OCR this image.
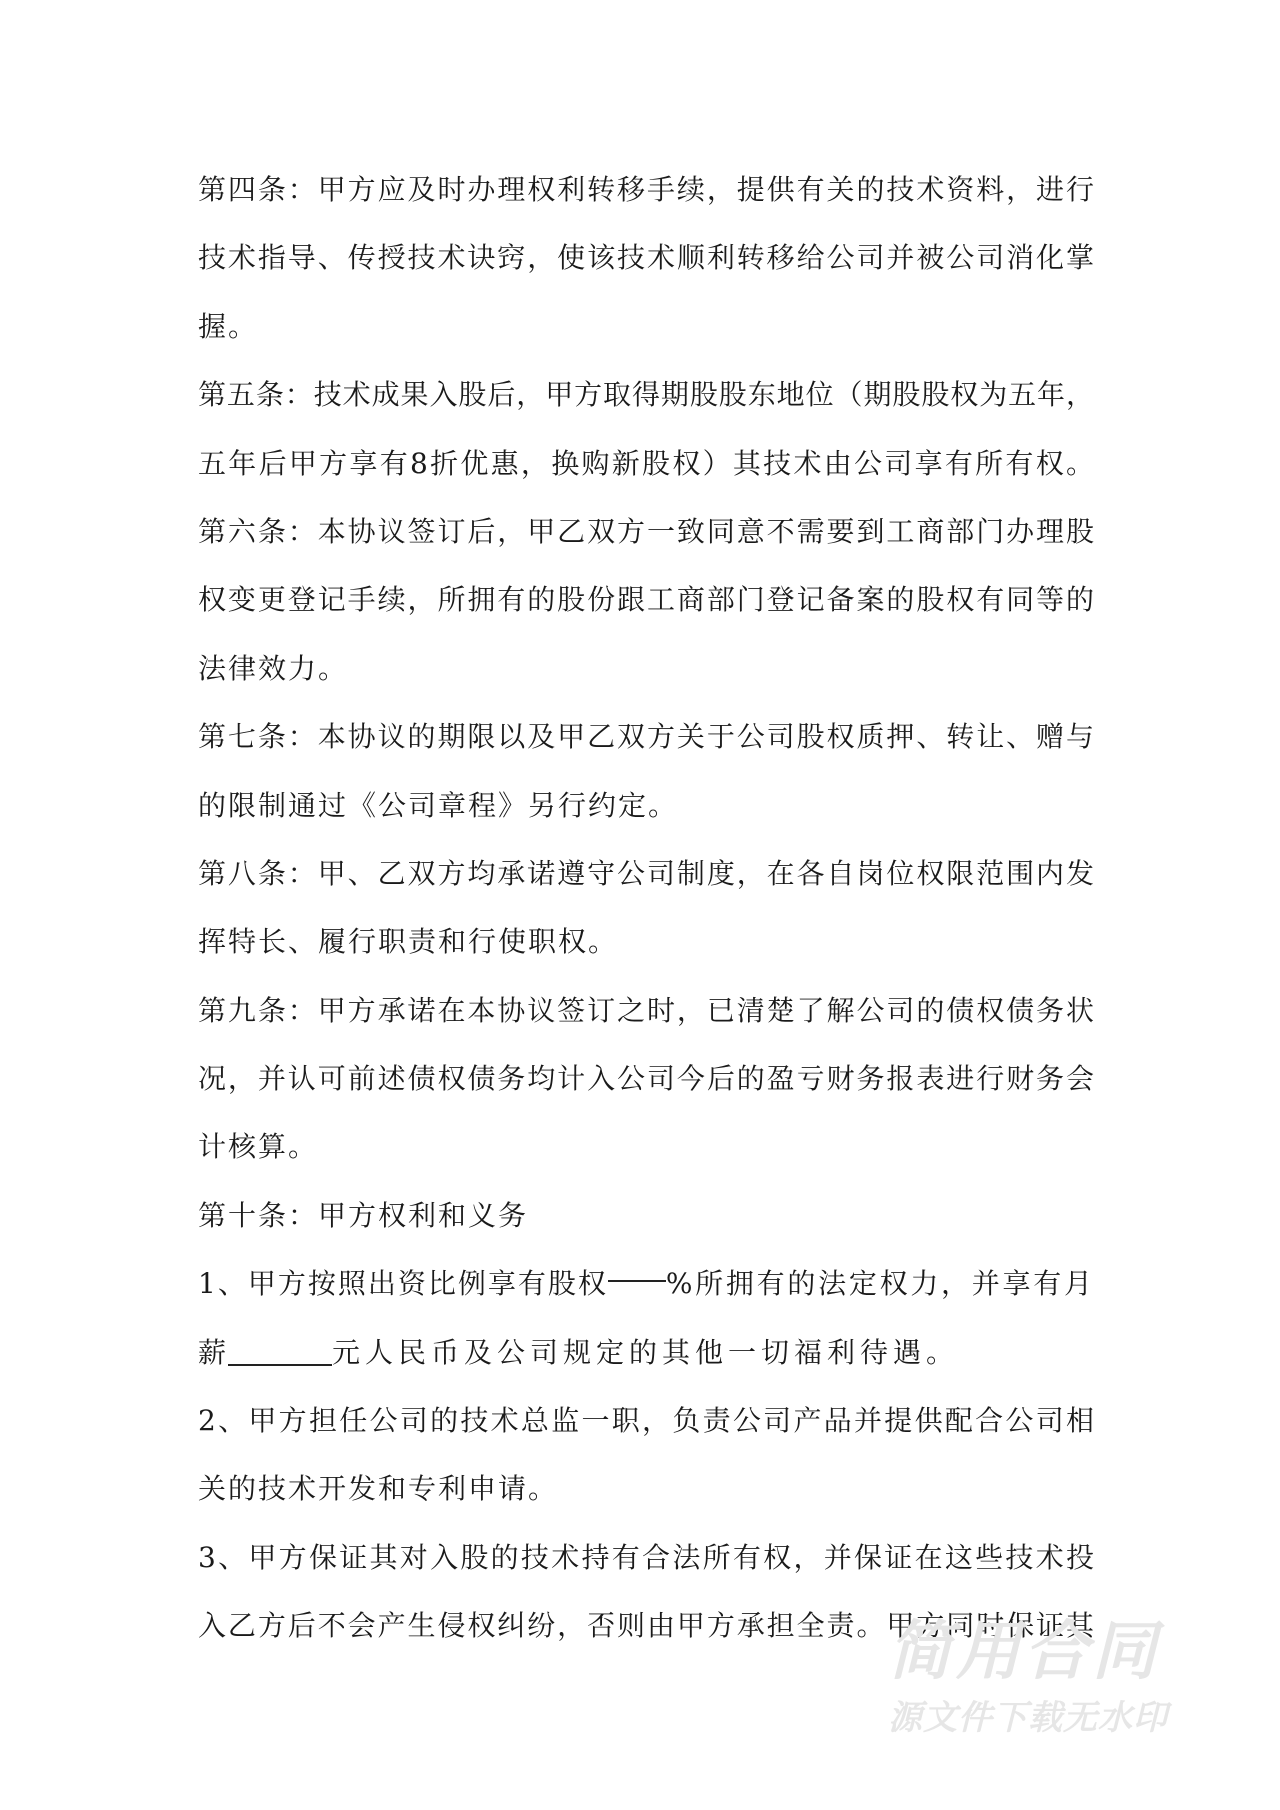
第四条：甲方应及时办理权利转移手续，提供有关的技术资料，进行
技术指导、传授技术诀窍，使该技术顺利转移给公司并被公司消化掌
握。
第五条：技术成果入股后，甲方取得期股股东地位（期股股权为五年，
五年后甲方享有8折优惠，换购新股权）其技术由公司享有所有权。
第六条：本协议签订后，甲乙双方一致同意不需要到工商部门办理股
权变更登记手续，所拥有的股份跟工商部门登记备案的股权有同等的
法律效力。
第七条：本协议的期限以及甲乙双方关于公司股权质押、转让、赠与
的限制通过《公司章程》另行约定。
第八条：甲、乙双方均承诺遵守公司制度，在各自岗位权限范围内发
挥特长、履行职责和行使职权。
第九条：甲方承诺在本协议签订之时，已清楚了解公司的债权债务状
况，并认可前述债权债务均计入公司今后的盈亏财务报表进行财务会
计核算。
第十条：甲方权利和义务
1、甲方按照出资比例享有股权 %所拥有的法定权力，并享有月
薪	元人民币及公司规定的其他一切福利待遇。
2、甲方担任公司的技术总监一职，负责公司产品并提供配合公司相
关的技术开发和专利申请。
3、甲方保证其对入股的技术持有合法所有权，并保证在这些技术投
入乙方后不会产生侵权纠纷，否则由甲方承担全责。甲方同时保证其
简用合同
源文件下载无水印
